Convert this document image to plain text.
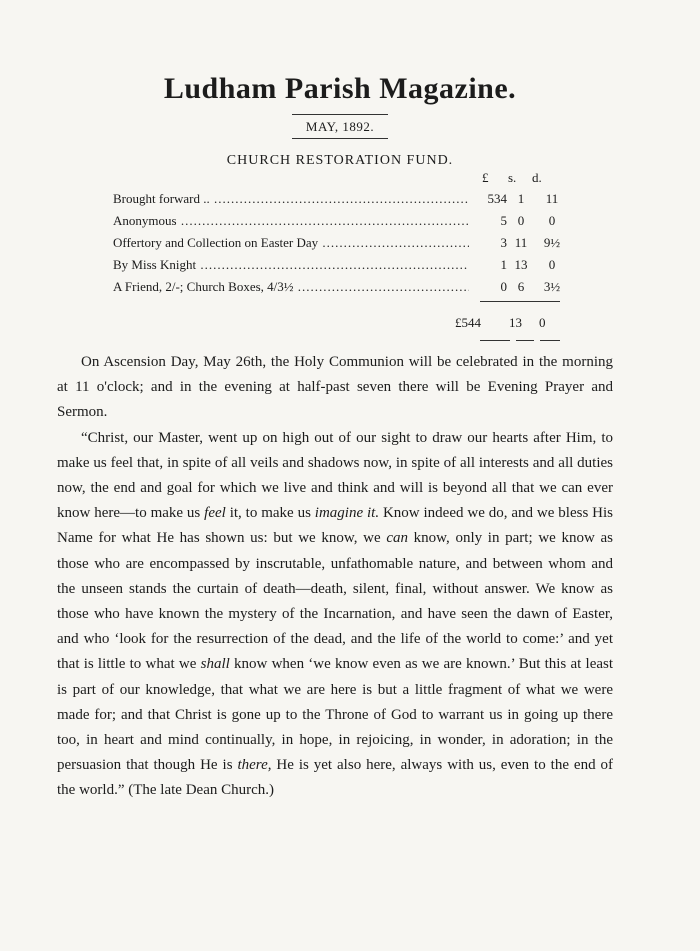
Ludham Parish Magazine.
MAY, 1892.
CHURCH RESTORATION FUND.
£ s. d.
Brought forward .. .....	534 1	11
Anonymous .....	5 0	0
Offertory and Collection on Easter Day .....	3 11	9½
By Miss Knight .....	1 13	0
A Friend, 2/-; Church Boxes, 4/3½ .....	0 6	3½
£544 13 0

On Ascension Day, May 26th, the Holy Communion will be celebrated in the morning at 11 o'clock; and in the evening at half-past seven there will be Evening Prayer and Sermon.

“Christ, our Master, went up on high out of our sight to draw our hearts after Him, to make us feel that, in spite of all veils and shadows now, in spite of all interests and all duties now, the end and goal for which we live and think and will is beyond all that we can ever know here—to make us feel it, to make us imagine it. Know indeed we do, and we bless His Name for what He has shown us: but we know, we can know, only in part; we know as those who are encompassed by inscrutable, unfathomable nature, and between whom and the unseen stands the curtain of death—death, silent, final, without answer. We know as those who have known the mystery of the Incarnation, and have seen the dawn of Easter, and who ‘look for the resurrection of the dead, and the life of the world to come:’ and yet that is little to what we shall know when ‘we know even as we are known.’ But this at least is part of our knowledge, that what we are here is but a little fragment of what we were made for; and that Christ is gone up to the Throne of God to warrant us in going up there too, in heart and mind continually, in hope, in rejoicing, in wonder, in adoration; in the persuasion that though He is there, He is yet also here, always with us, even to the end of the world.” (The late Dean Church.)
